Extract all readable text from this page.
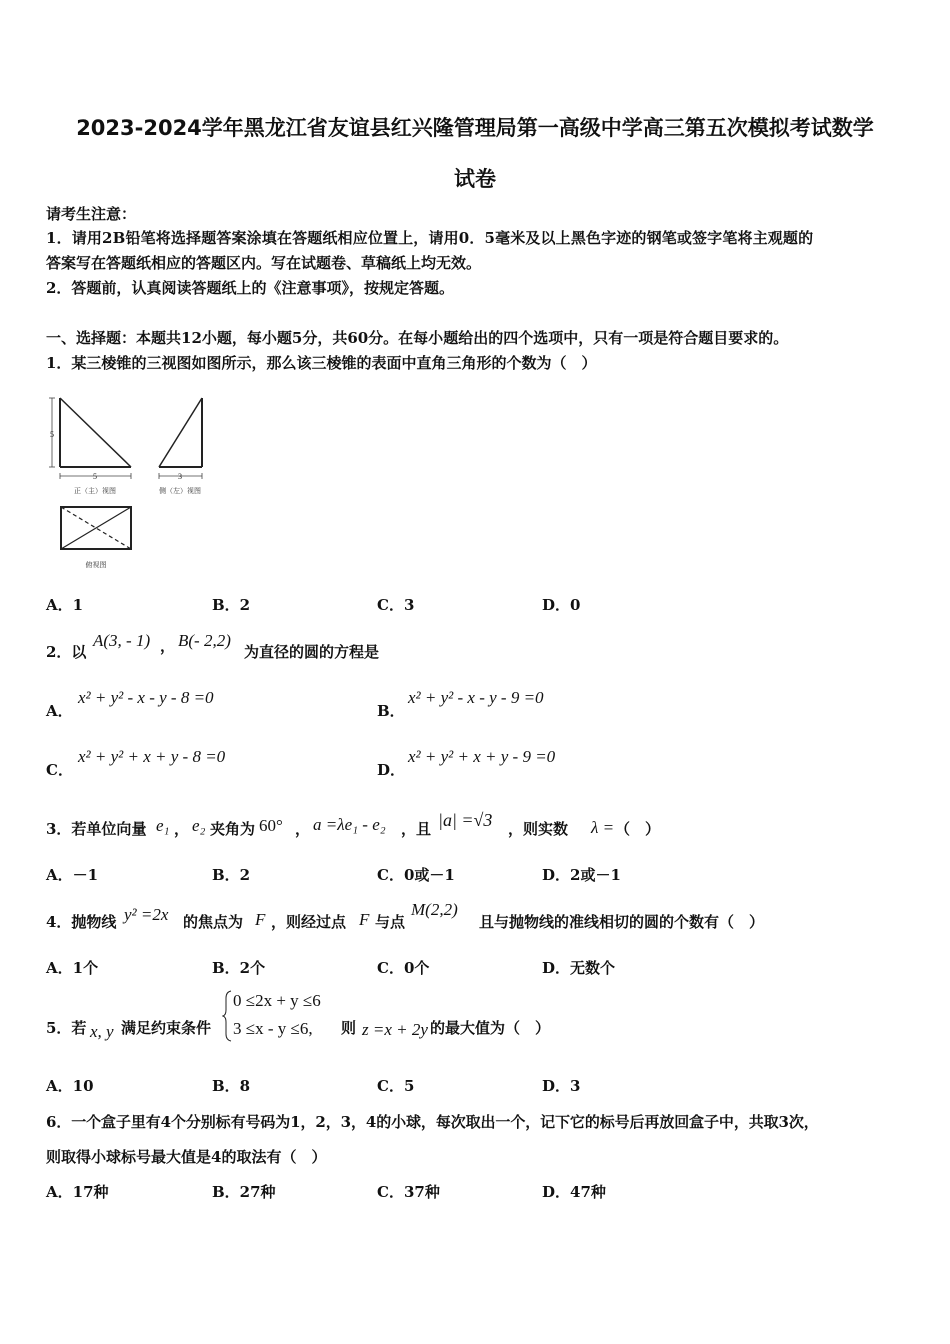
2023-2024学年黑龙江省友谊县红兴隆管理局第一高级中学高三第五次模拟考试数学
试卷
请考生注意：
1．请用2B铅笔将选择题答案涂填在答题纸相应位置上，请用0．5毫米及以上黑色字迹的钢笔或签字笔将主观题的
答案写在答题纸相应的答题区内。写在试题卷、草稿纸上均无效。
2．答题前，认真阅读答题纸上的《注意事项》，按规定答题。
一、选择题：本题共12小题，每小题5分，共60分。在每小题给出的四个选项中，只有一项是符合题目要求的。
1．某三棱锥的三视图如图所示，那么该三棱锥的表面中直角三角形的个数为（　）
5
5
正（主）视图
3
侧（左）视图
俯视图
A．1	B．2	C．3	D．0
2．以
A(3, - 1) ， B(- 2,2)
为直径的圆的方程是
A．
x² + y² - x - y - 8 =0
B．
x² + y² - x - y - 9 =0
C．
x² + y² + x + y - 8 =0
D．
x² + y² + x + y - 9 =0
3．若单位向量 e₁ ， e₂ 夹角为 60° ， a =λe₁ - e₂ ，且 |a| =√3 ，则实数 λ = （　）
A．－1	B．2	C．0或－1	D．2或－1
4．抛物线 y² =2x 的焦点为 F ，则经过点 F 与点
M(2,2)
且与抛物线的准线相切的圆的个数有（　）
A．1个	B．2个	C．0个	D．无数个
5．若 x, y 满足约束条件
0 ≤2x + y ≤6
3 ≤x - y ≤6, 则 z =x + 2y 的最大值为（　）
A．10	B．8	C．5	D．3
6．一个盒子里有4个分别标有号码为1，2，3，4的小球，每次取出一个，记下它的标号后再放回盒子中，共取3次，
则取得小球标号最大值是4的取法有（　）
A．17种	B．27种	C．37种	D．47种
